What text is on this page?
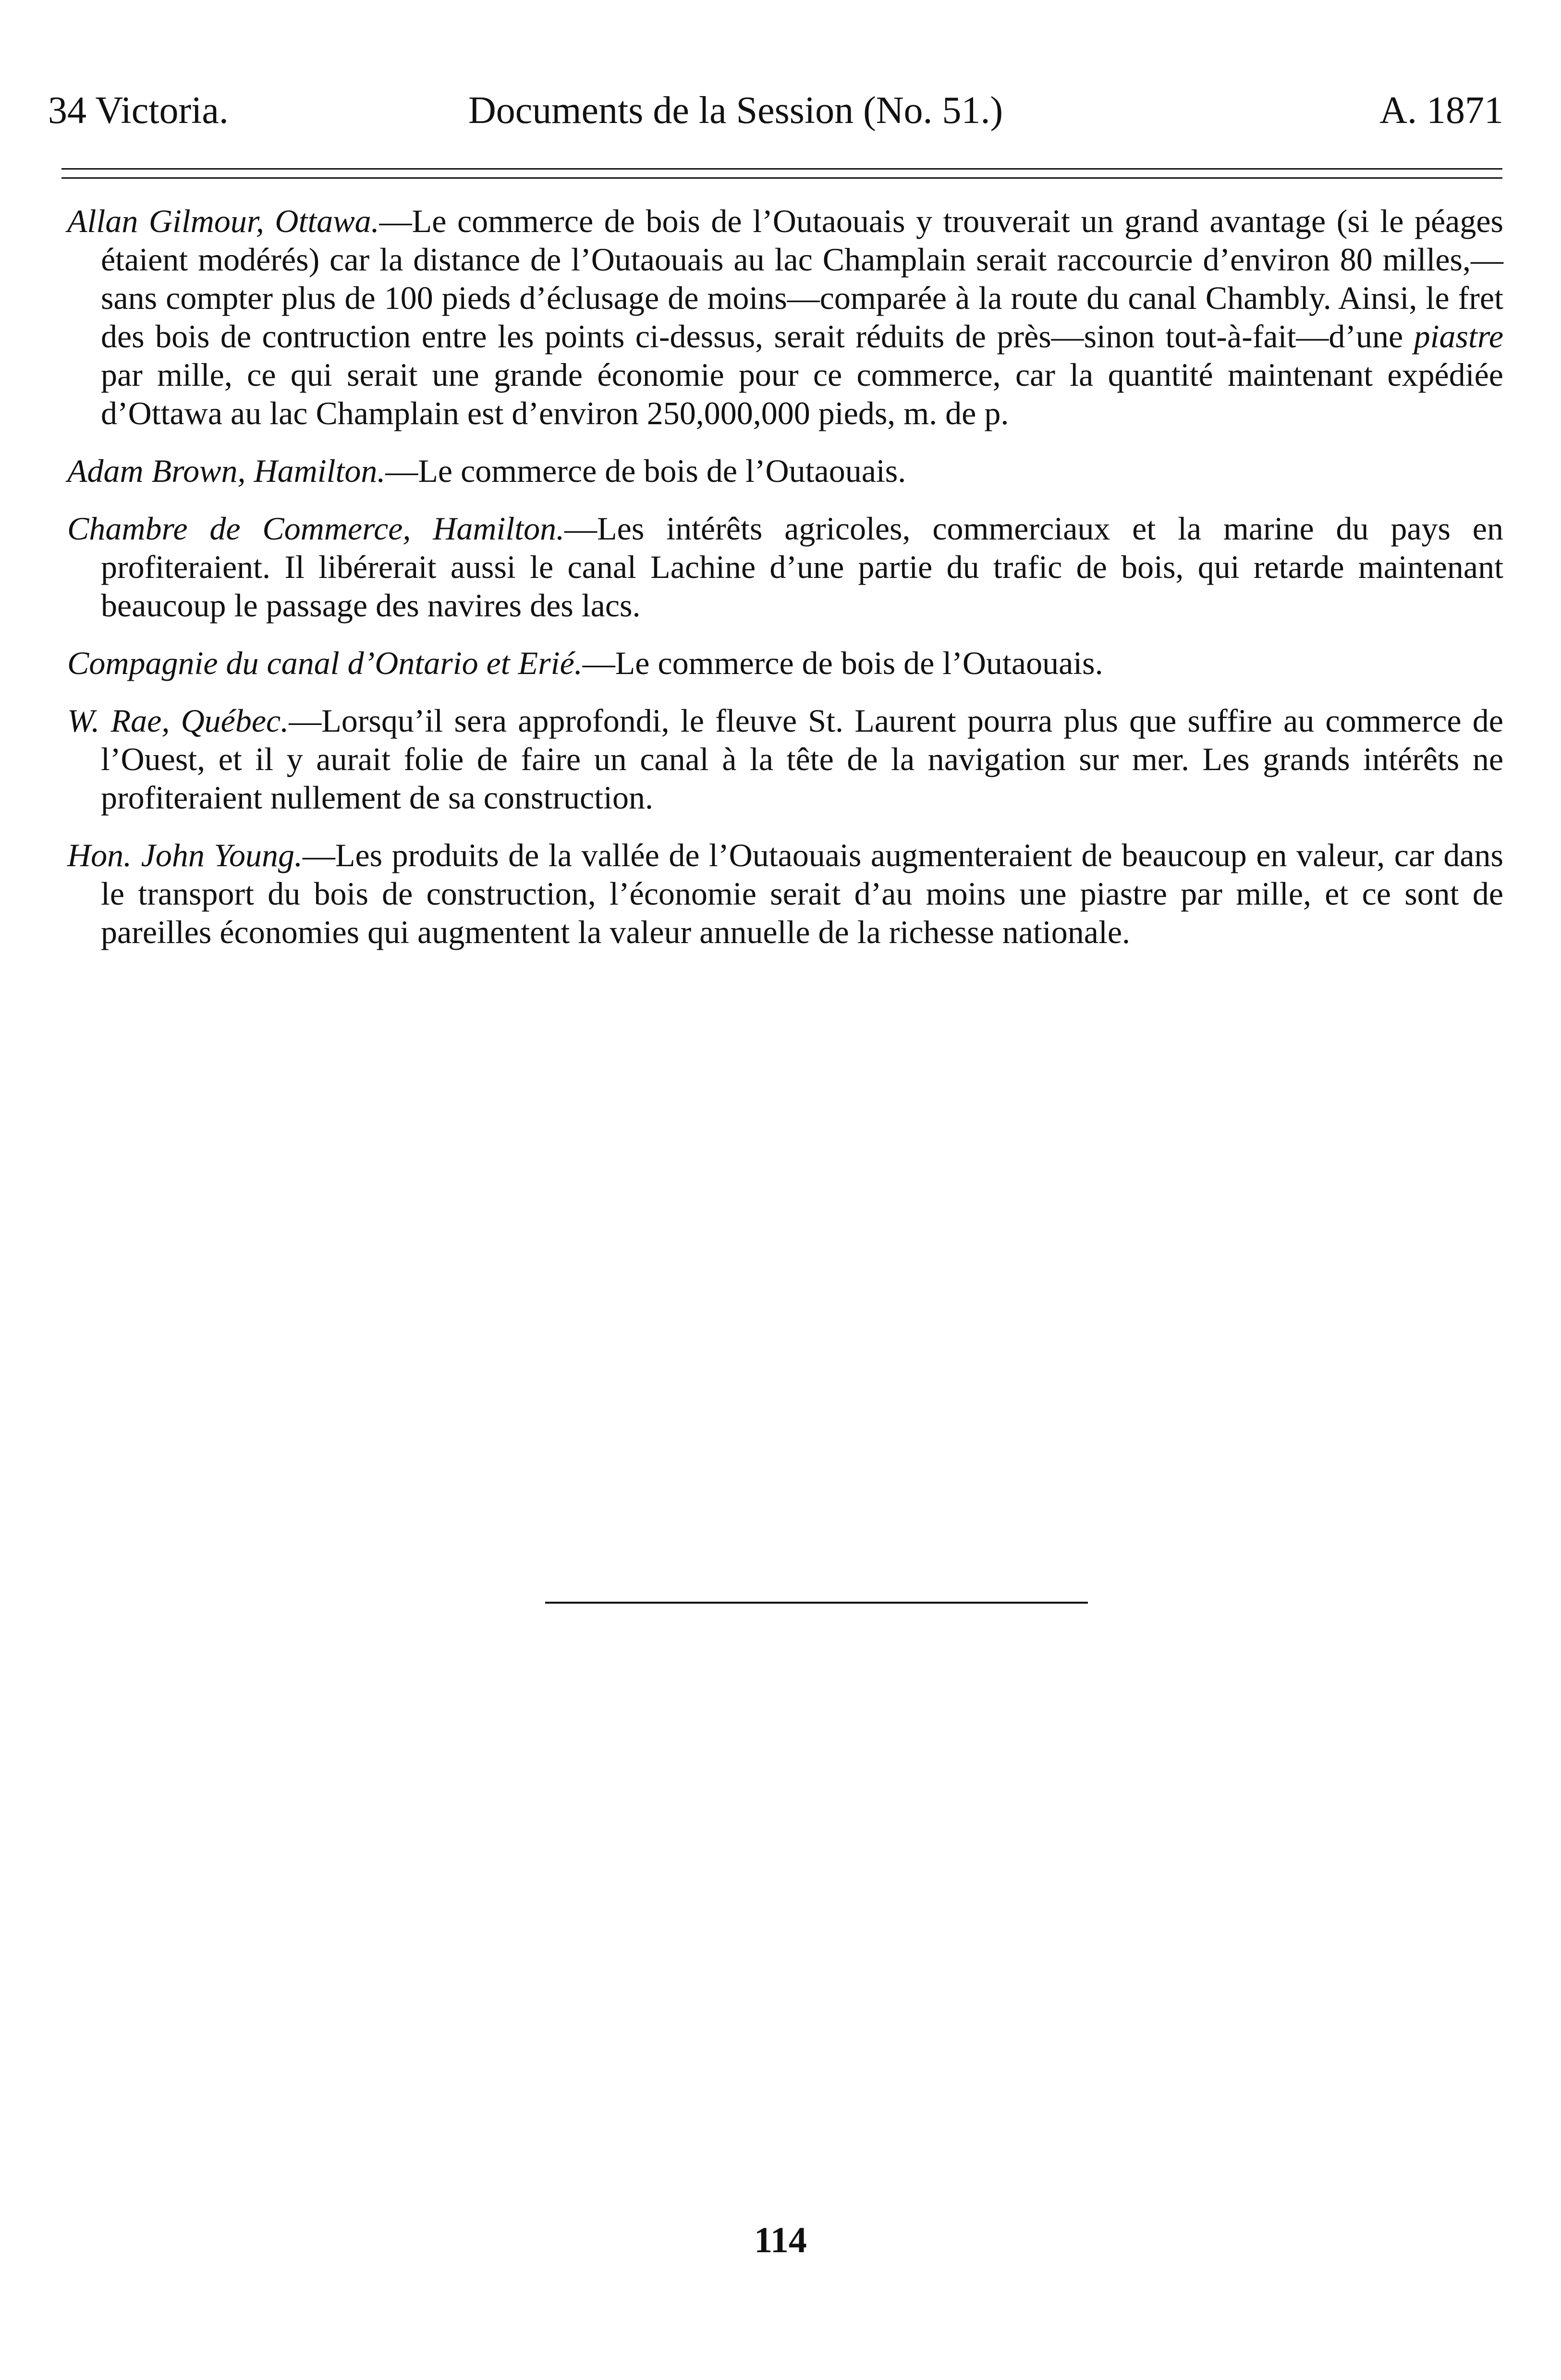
34 Victoria.	Documents de la Session (No. 51.)	A. 1871

Allan Gilmour, Ottawa.—Le commerce de bois de l’Outaouais y trouverait un grand avantage (si le péages étaient modérés) car la distance de l’Outaouais au lac Champlain serait raccourcie d’environ 80 milles,—sans compter plus de 100 pieds d’éclusage de moins—comparée à la route du canal Chambly. Ainsi, le fret des bois de contruction entre les points ci-dessus, serait réduits de près—sinon tout-à-fait—d’une piastre par mille, ce qui serait une grande économie pour ce commerce, car la quantité maintenant expédiée d’Ottawa au lac Champlain est d’environ 250,000,000 pieds, m. de p.

Adam Brown, Hamilton.—Le commerce de bois de l’Outaouais.

Chambre de Commerce, Hamilton.—Les intérêts agricoles, commerciaux et la marine du pays en profiteraient. Il libérerait aussi le canal Lachine d’une partie du trafic de bois, qui retarde maintenant beaucoup le passage des navires des lacs.

Compagnie du canal d’Ontario et Erié.—Le commerce de bois de l’Outaouais.

W. Rae, Québec.—Lorsqu’il sera approfondi, le fleuve St. Laurent pourra plus que suffire au commerce de l’Ouest, et il y aurait folie de faire un canal à la tête de la navigation sur mer. Les grands intérêts ne profiteraient nullement de sa construction.

Hon. John Young.—Les produits de la vallée de l’Outaouais augmenteraient de beaucoup en valeur, car dans le transport du bois de construction, l’économie serait d’au moins une piastre par mille, et ce sont de pareilles économies qui augmentent la valeur annuelle de la richesse nationale.

114
